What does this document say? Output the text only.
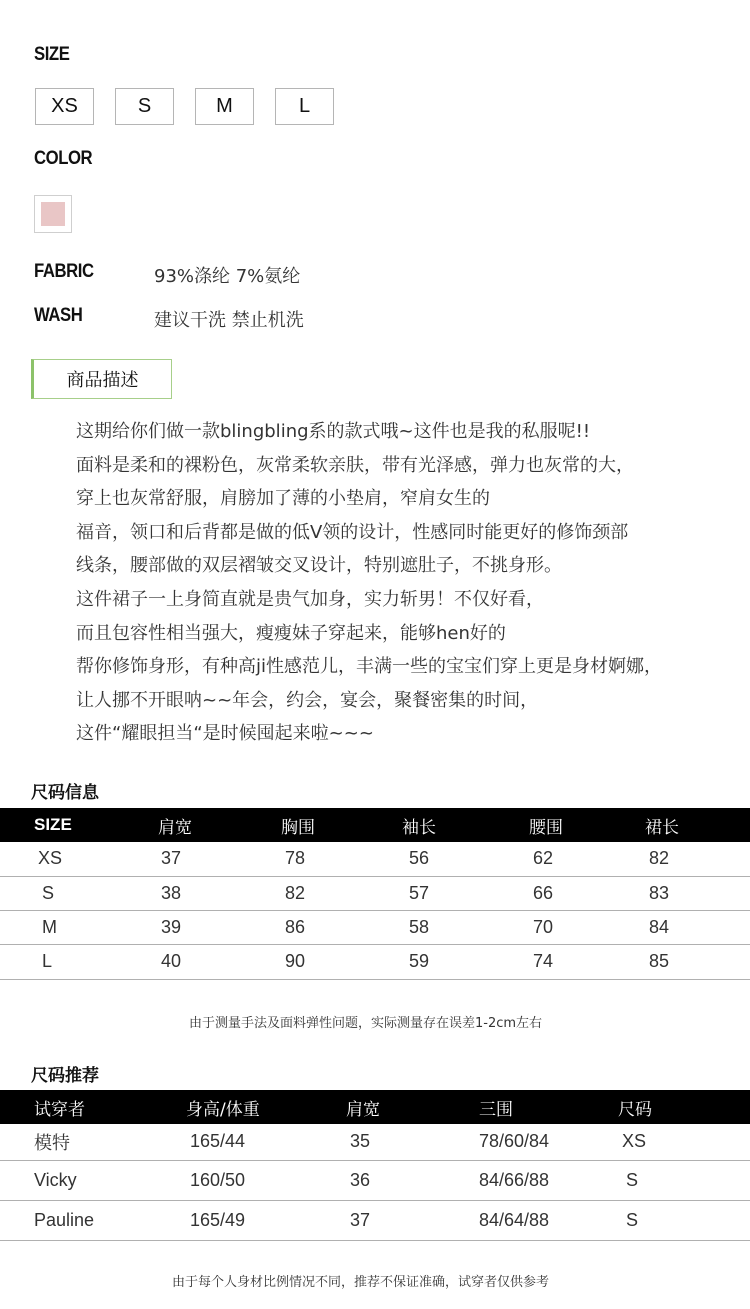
SIZE
XS	S	M	L
COLOR
FABRIC	93%涤纶 7%氨纶
WASH	建议干洗 禁止机洗
商品描述
这期给你们做一款blingbling系的款式哦~这件也是我的私服呢!!
面料是柔和的裸粉色，灰常柔软亲肤，带有光泽感，弹力也灰常的大，
穿上也灰常舒服，肩膀加了薄的小垫肩，窄肩女生的
福音，领口和后背都是做的低V领的设计，性感同时能更好的修饰颈部
线条，腰部做的双层褶皱交叉设计，特别遮肚子，不挑身形。
这件裙子一上身简直就是贵气加身，实力斩男！不仅好看，
而且包容性相当强大，瘦瘦妹子穿起来，能够hen好的
帮你修饰身形，有种高ji性感范儿，丰满一些的宝宝们穿上更是身材婀娜，
让人挪不开眼呐~~年会，约会，宴会，聚餐密集的时间，
这件“耀眼担当“是时候囤起来啦~~~
尺码信息
SIZE	肩宽	胸围	袖长	腰围	裙长
XS	37	78	56	62	82
S	38	82	57	66	83
M	39	86	58	70	84
L	40	90	59	74	85
由于测量手法及面料弹性问题，实际测量存在误差1-2cm左右
尺码推荐
试穿者	身高/体重	肩宽	三围	尺码
模特	165/44	35	78/60/84	XS
Vicky	160/50	36	84/66/88	S
Pauline	165/49	37	84/64/88	S
由于每个人身材比例情况不同，推荐不保证准确，试穿者仅供参考
